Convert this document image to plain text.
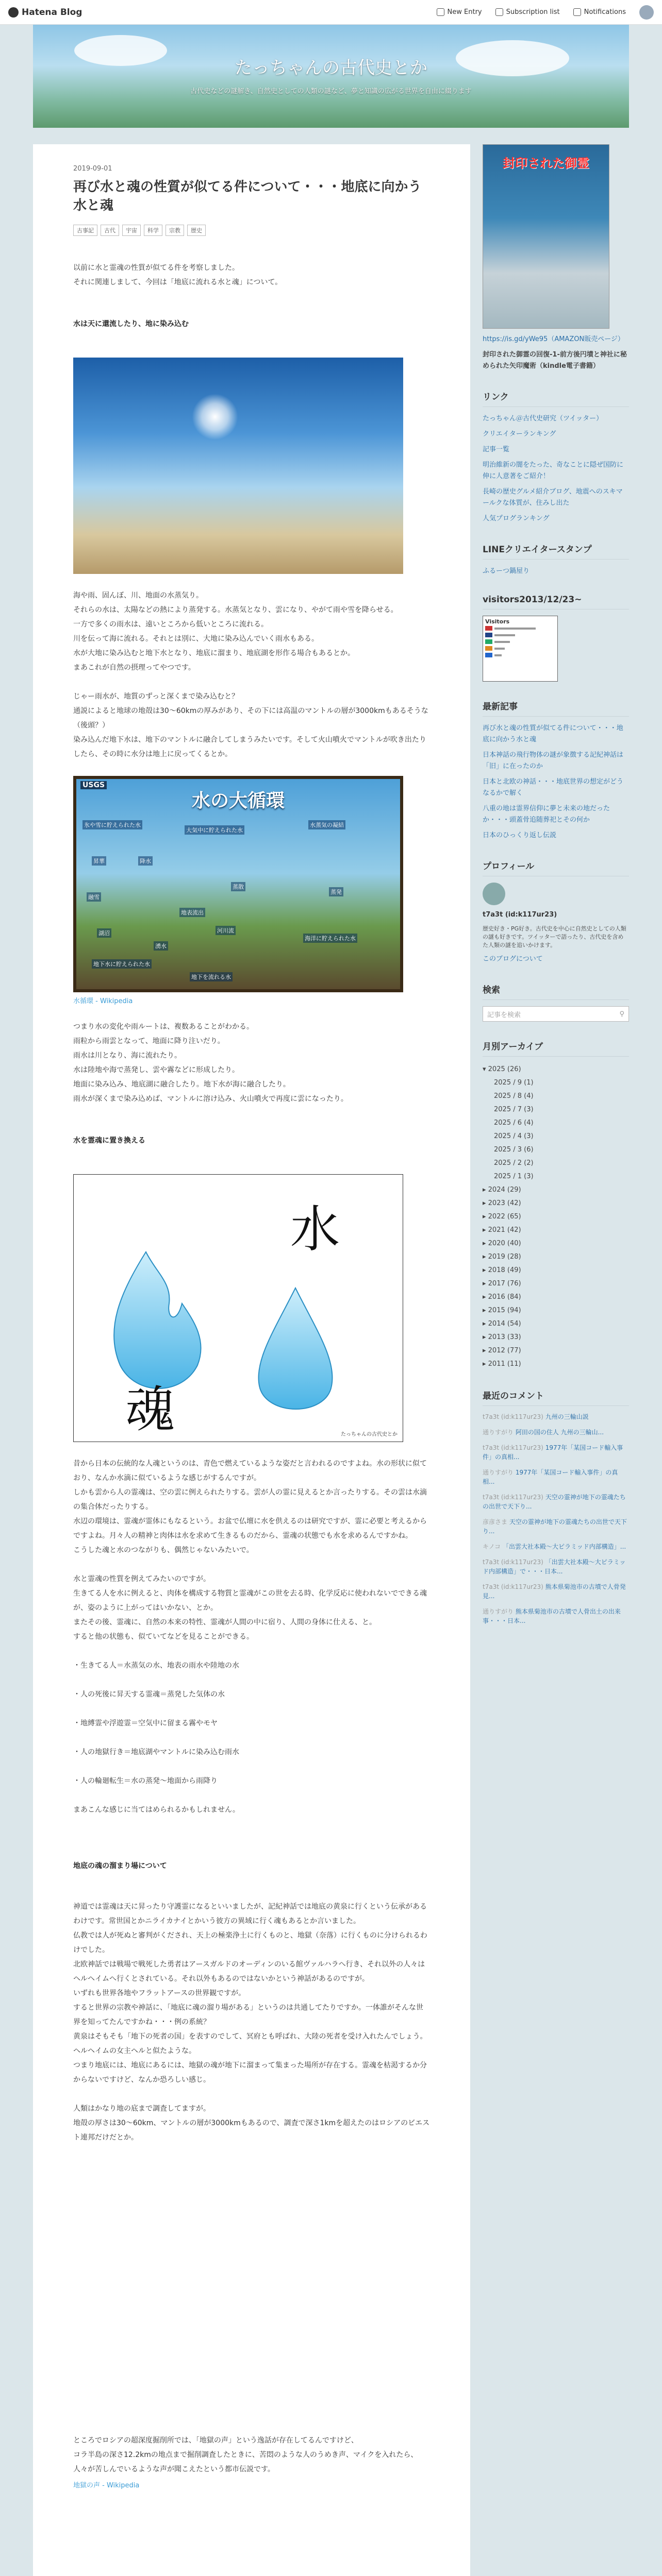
Hatena Blog	New Entry	Subscription list	Notifications
たっちゃんの古代史とか
古代史などの謎解き、自然史としての人類の謎など、夢と知識の広がる世界を自由に綴ります
2019-09-01
再び水と魂の性質が似てる件について・・・地底に向かう水と魂
古事記	古代	宇宙	科学	宗教	歴史
以前に水と霊魂の性質が似てる件を考察しました。
それに関連しまして、今回は「地底に流れる水と魂」について。
水は天に還流したり、地に染み込む
海や雨、固んぼ、川、地面の水蒸気り。
それらの水は、太陽などの熱により蒸発する。水蒸気となり、雲になり、やがて雨や雪を降らせる。
一方で多くの雨水は、遠いところから低いところに流れる。
川を伝って海に流れる。それとは別に、大地に染み込んでいく雨水もある。
水が大地に染み込むと地下水となり、地底に溜まり、地底湖を形作る場合もあるとか。
まあこれが自然の摂理ってやつです。
じゃー雨水が、地質のずっと深くまで染み込むと？
通説によると地球の地殻は30〜60kmの厚みがあり、その下には高温のマントルの層が3000kmもあるそうな（後頭？）
染み込んだ地下水は、地下のマントルに融合してしまうみたいです。そして火山噴火でマントルが吹き出たりしたら、その時に水分は地上に戻ってくるとか。
USGS
水の大循環
氷や雪に貯えられた水
大気中に貯えられた水
水蒸気の凝結
降水
昇華
蒸発
融雪
地表流出
蒸散
湖沼	河川流
湧水
地下水に貯えられた水
海洋に貯えられた水
地下を流れる水
水循環 - Wikipedia
つまり水の変化や雨ルートは、複数あることがわかる。
雨粒から雨雲となって、地面に降り注いだり。
雨水は川となり、海に流れたり。
水は陸地や海で蒸発し、雲や霧などに形成したり。
地面に染み込み、地底湖に融合したり。地下水が海に融合したり。
雨水が深くまで染み込めば、マントルに溶け込み、火山噴火で再度に雲になったり。
水を霊魂に置き換える
水
魂	たっちゃんの古代史とか
昔から日本の伝統的な人魂というのは、青色で燃えているような姿だと言われるのですよね。水の形状に似ており、なんか水滴に似ているような感じがするんですが。
しかも雲から人の霊魂は、空の雲に例えられたりする。雲が人の霊に見えるとか言ったりする。その雲は水滴の集合体だったりする。
水辺の環境は、霊魂が霊体にもなるという。お盆で仏壇に水を供えるのは研究ですが、霊に必要と考えるからですよね。月々人の精神と肉体は水を求めて生きるものだから、霊魂の状態でも水を求めるんですかね。
こうした魂と水のつながりも、偶然じゃないみたいで。
水と霊魂の性質を例えてみたいのですが。
生きてる人を水に例えると、肉体を構成する物質と霊魂がこの世を去る時、化学反応に使われないでできる魂が、姿のように上がってはいかない、とか。
またその後、霊魂に、自然の本来の特性、霊魂が人間の中に宿り、人間の身体に仕える、と。
すると他の状態も、似ていてなどを見ることができる。
・生きてる人＝水蒸気の水、地表の雨水や陸地の水
・人の死後に昇天する霊魂＝蒸発した気体の水
・地縛霊や浮遊霊＝空気中に留まる霧やモヤ
・人の地獄行き＝地底湖やマントルに染み込む雨水
・人の輪廻転生＝水の蒸発〜地面から雨降り
まあこんな感じに当てはめられるかもしれません。
地底の魂の溜まり場について
神道では霊魂は天に昇ったり守護霊になるといいましたが、記紀神話では地底の黄泉に行くという伝承があるわけです。常世国とかニライカナイとかいう彼方の異域に行く魂もあるとか言いました。
仏教では人が死ぬと審判がくだされ、天上の極楽浄土に行くものと、地獄（奈落）に行くものに分けられるわけでした。
北欧神話では戦場で戦死した勇者はアースガルドのオーディンのいる館ヴァルハラへ行き、それ以外の人々はヘルヘイムへ行くとされている。それ以外もあるのではないかという神話があるのですが。
いずれも世界各地やフラットアースの世界観ですが。
すると世界の宗教や神話に、「地底に魂の溜り場がある」というのは共通してたりですか。一体誰がそんな世界を知ってたんですかね・・・例の系統？
黄泉はそもそも「地下の死者の国」を表すのでして、冥府とも呼ばれ、大陸の死者を受け入れたんでしょう。ヘルヘイムの女主ヘルと似たような。
つまり地底には、地底にあるには、地獄の魂が地下に溜まって集まった場所が存在する。霊魂を枯渇するか分からないですけど、なんか恐ろしい感じ。
人類はかなり地の底まで調査してますが。
地殻の厚さは30〜60km、マントルの層が3000kmもあるので、調査で深さ1kmを超えたのはロシアのビエスト連邦だけだとか。
ところでロシアの超深度掘削所では、「地獄の声」という逸話が存在してるんですけど、
コラ半島の深さ12.2kmの地点まで掘削調査したときに、苦悶のような人のうめき声、マイクを入れたら、人々が苦しんでいるような声が聞こえたという都市伝説です。
地獄の声 - Wikipedia
封印された御霊
https://is.gd/yWe95（AMAZON販売ページ）
封印された御霊の回復-1-前方後円墳と神社に秘められた矢印魔術（kindle電子書籍）
リンク
たっちゃん＠古代史研究（ツイッター）
クリエイターランキング
記事一覧
明治維新の闇をたった、奇なことに隠ぜ国防に伸に人意著をご紹介！
長崎の歴史グルメ紹介ブログ、地震へのスキマールクな体質が、住みし出た
人気プログランキング
LINEクリエイタースタンプ
ふるーつ鍋屋り
visitors2013/12/23~
Visitors
最新記事
再び水と魂の性質が似てる件について・・・地底に向かう水と魂
日本神話の飛行物体の謎が象徴する記紀神話は「旧」に在ったのか
日本と北欧の神話・・・地底世界の想定がどうなるかで解く
八重の地は霊界信仰に夢と未来の地だったか・・・頭蓋骨追随葬祀とその何か
日本のひっくり返し伝説
プロフィール
t7a3t (id:k117ur23)
歴史好き・PG好き。古代史を中心に自然史としての人類の謎も好きです。ツイッターで語ったり、古代史を含めた人類の謎を追いかけます。
このブログについて
検索
記事を検索	⚲
月別アーカイブ
▾ 2025 (26)
2025 / 9 (1)
2025 / 8 (4)
2025 / 7 (3)
2025 / 6 (4)
2025 / 4 (3)
2025 / 3 (6)
2025 / 2 (2)
2025 / 1 (3)
▸ 2024 (29)
▸ 2023 (42)
▸ 2022 (65)
▸ 2021 (42)
▸ 2020 (40)
▸ 2019 (28)
▸ 2018 (49)
▸ 2017 (76)
▸ 2016 (84)
▸ 2015 (94)
▸ 2014 (54)
▸ 2013 (33)
▸ 2012 (77)
▸ 2011 (11)
最近のコメント
t7a3t (id:k117ur23) 九州の三輪山説
通りすがり 阿田の国の住人 九州の三輪山...
t7a3t (id:k117ur23) 1977年「某国コード輸入事件」の真相...
通りすがり 1977年「某国コード輸入事件」の真相...
t7a3t (id:k117ur23) 天空の霊神が地下の霊魂たちの出世で天下り...
彦彦さま 天空の霊神が地下の霊魂たちの出世で天下り...
キノコ 「出雲大社本殿〜大ピラミッド内部構造」...
t7a3t (id:k117ur23) 「出雲大社本殿〜大ピラミッド内部構造」で・・・日本...
t7a3t (id:k117ur23) 熊本県菊池市の古墳で人骨発見...
通りすがり 熊本県菊池市の古墳で人骨出土の出来事・・・日本...
